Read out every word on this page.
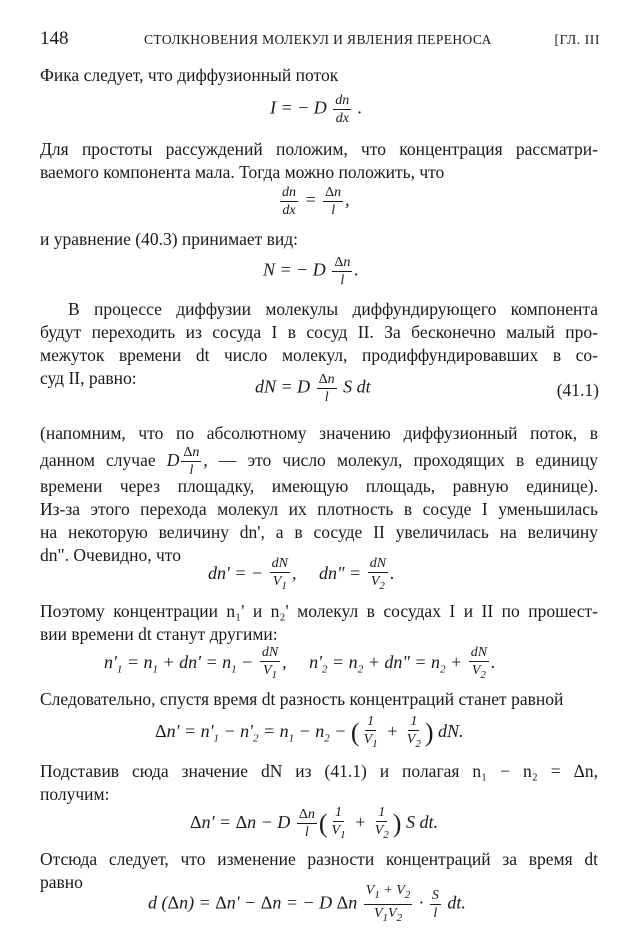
148	СТОЛКНОВЕНИЯ МОЛЕКУЛ И ЯВЛЕНИЯ ПЕРЕНОСА	[ГЛ. III
Фика следует, что диффузионный поток
I = − D $\frac{dn}{dx}$ .
Для простоты рассуждений положим, что концентрация рассматри-
ваемого компонента мала. Тогда можно положить, что
$\frac{dn}{dx} = \frac{\Delta n}{l}$ ,
и уравнение (40.3) принимает вид:
N = − D $\frac{\Delta n}{l}$ .
В процессе диффузии молекулы диффундирующего компонента
будут переходить из сосуда I в сосуд II. За бесконечно малый про-
межуток времени dt число молекул, продиффундировавших в со-
суд II, равно:	dN = D $\frac{\Delta n}{l}$ S dt	(41.1)
(напомним, что по абсолютному значению диффузионный поток, в
данном случае D $\frac{\Delta n}{l}$ , — это число молекул, проходящих в единицу
времени через площадку, имеющую площадь, равную единице).
Из-за этого перехода молекул их плотность в сосуде I уменьшилась
на некоторую величину dn', а в сосуде II увеличилась на величину
dn". Очевидно, что
dn' = − $\frac{dN}{V_1}$ ,     dn" = $\frac{dN}{V_2}$ .
Поэтому концентрации n₁' и n₂' молекул в сосудах I и II по прошест-
вии времени dt станут другими:
$n'_1 = n_1 + dn' = n_1 - \frac{dN}{V_1}$ ,     $n'_2 = n_2$ + dn" = $n_2 + \frac{dN}{V_2}$ .
Следовательно, спустя время dt разность концентраций станет равной
$\Delta n' = n'_1 - n'_2 = n_1 - n_2$ − ( $\frac{1}{V_1} + \frac{1}{V_2}$ ) dN.
Подставив сюда значение dN из (41.1) и полагая n₁ − n₂ = Δn,
получим:
Δn' = Δn − D $\frac{\Delta n}{l}$ ( $\frac{1}{V_1} + \frac{1}{V_2}$ ) S dt.
Отсюда следует, что изменение разности концентраций за время dt
равно
d (Δn) = Δn' − Δn = − D Δn $\frac{V_1 + V_2}{V_1V_2} \cdot \frac{S}{l}$ dt.
